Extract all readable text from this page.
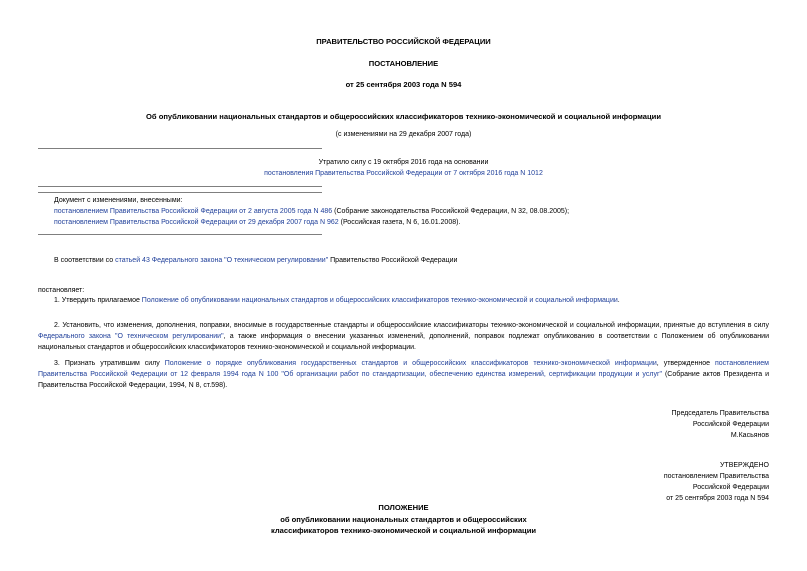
ПРАВИТЕЛЬСТВО РОССИЙСКОЙ ФЕДЕРАЦИИ
ПОСТАНОВЛЕНИЕ
от 25 сентября 2003 года N 594
Об опубликовании национальных стандартов и общероссийских классификаторов технико-экономической и социальной информации
(с изменениями на 29 декабря 2007 года)
Утратило силу с 19 октября 2016 года на основании
постановления Правительства Российской Федерации от 7 октября 2016 года N 1012
Документ с изменениями, внесенными:
постановлением Правительства Российской Федерации от 2 августа 2005 года N 486 (Собрание законодательства Российской Федерации, N 32, 08.08.2005);
постановлением Правительства Российской Федерации от 29 декабря 2007 года N 962 (Российская газета, N 6, 16.01.2008).
В соответствии со статьей 43 Федерального закона "О техническом регулировании" Правительство Российской Федерации
постановляет:
1. Утвердить прилагаемое Положение об опубликовании национальных стандартов и общероссийских классификаторов технико-экономической и социальной информации.
2. Установить, что изменения, дополнения, поправки, вносимые в государственные стандарты и общероссийские классификаторы технико-экономической и социальной информации, принятые до вступления в силу Федерального закона "О техническом регулировании", а также информация о внесении указанных изменений, дополнений, поправок подлежат опубликованию в соответствии с Положением об опубликовании национальных стандартов и общероссийских классификаторов технико-экономической и социальной информации.
3. Признать утратившим силу Положение о порядке опубликования государственных стандартов и общероссийских классификаторов технико-экономической информации, утвержденное постановлением Правительства Российской Федерации от 12 февраля 1994 года N 100 "Об организации работ по стандартизации, обеспечению единства измерений, сертификации продукции и услуг" (Собрание актов Президента и Правительства Российской Федерации, 1994, N 8, ст.598).
Председатель Правительства
Российской Федерации
М.Касьянов
УТВЕРЖДЕНО
постановлением Правительства
Российской Федерации
от 25 сентября 2003 года N 594
ПОЛОЖЕНИЕ
об опубликовании национальных стандартов и общероссийских
классификаторов технико-экономической и социальной информации
